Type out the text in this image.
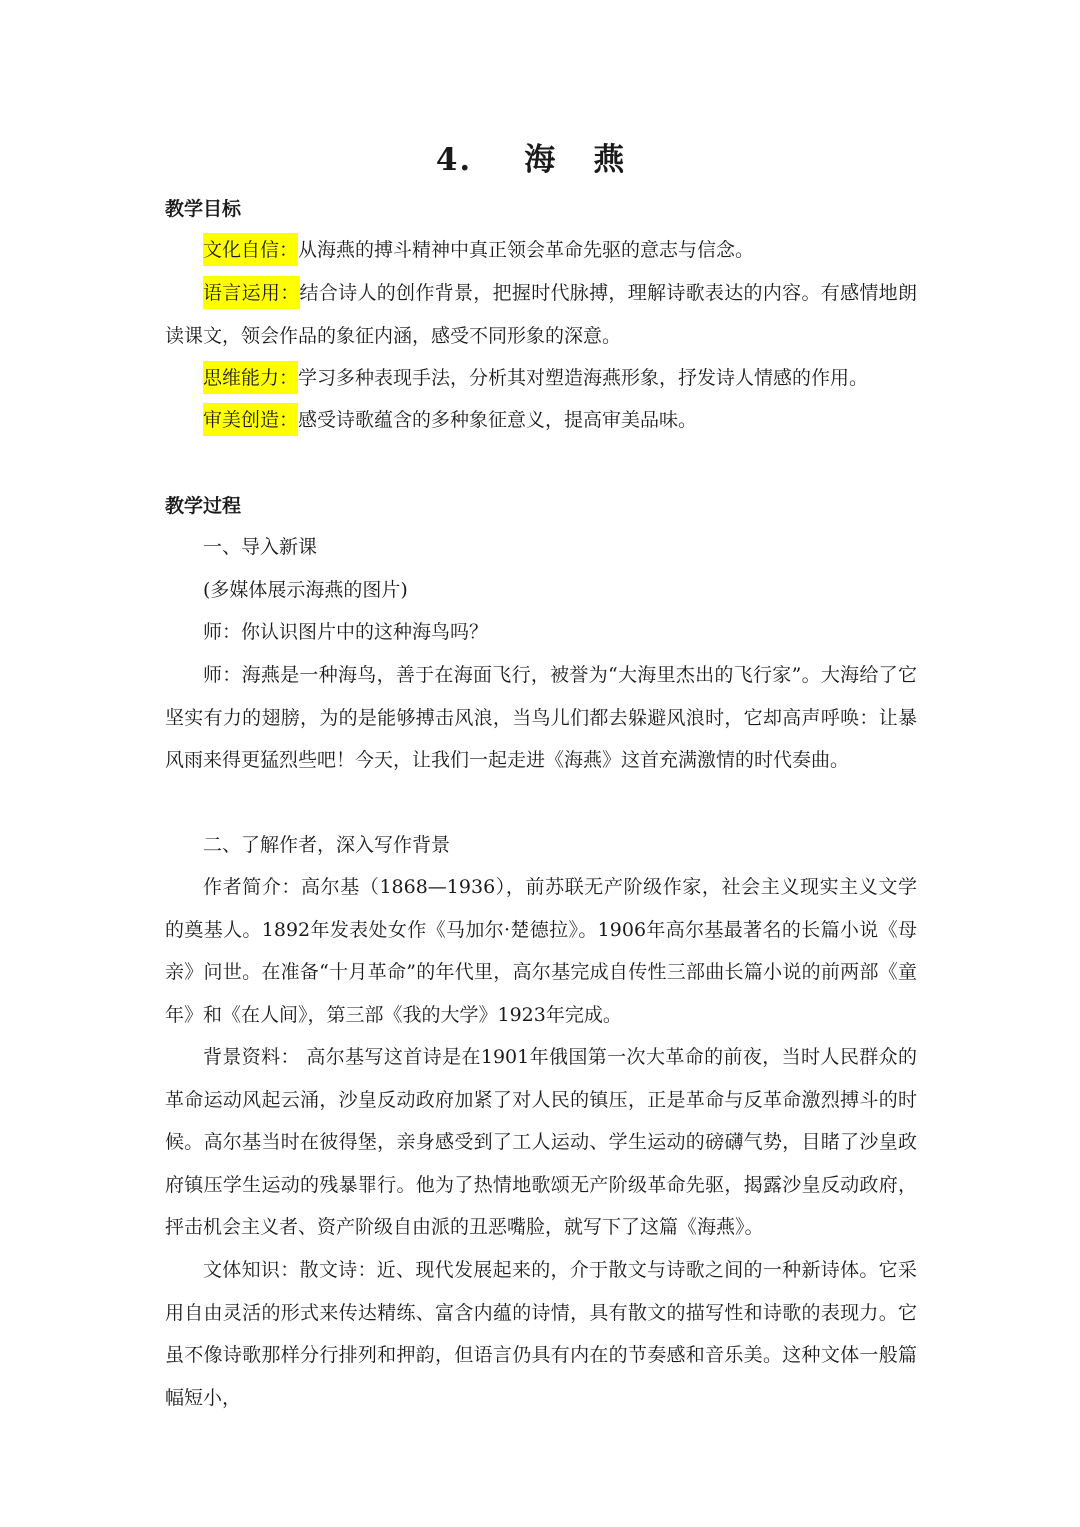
4. 海 燕
教学目标

文化自信：从海燕的搏斗精神中真正领会革命先驱的意志与信念。

语言运用：结合诗人的创作背景，把握时代脉搏，理解诗歌表达的内容。有感情地朗读课文，领会作品的象征内涵，感受不同形象的深意。

思维能力：学习多种表现手法，分析其对塑造海燕形象，抒发诗人情感的作用。

审美创造：感受诗歌蕴含的多种象征意义，提高审美品味。

教学过程

一、导入新课

(多媒体展示海燕的图片)

师：你认识图片中的这种海鸟吗？

师：海燕是一种海鸟，善于在海面飞行，被誉为“大海里杰出的飞行家”。大海给了它坚实有力的翅膀，为的是能够搏击风浪，当鸟儿们都去躲避风浪时，它却高声呼唤：让暴风雨来得更猛烈些吧！今天，让我们一起走进《海燕》这首充满激情的时代奏曲。

二、了解作者，深入写作背景

作者简介：高尔基（1868—1936），前苏联无产阶级作家，社会主义现实主义文学的奠基人。1892年发表处女作《马加尔·楚德拉》。1906年高尔基最著名的长篇小说《母亲》问世。在准备“十月革命”的年代里，高尔基完成自传性三部曲长篇小说的前两部《童年》和《在人间》，第三部《我的大学》1923年完成。

背景资料： 高尔基写这首诗是在1901年俄国第一次大革命的前夜，当时人民群众的革命运动风起云涌，沙皇反动政府加紧了对人民的镇压，正是革命与反革命激烈搏斗的时候。高尔基当时在彼得堡，亲身感受到了工人运动、学生运动的磅礴气势，目睹了沙皇政府镇压学生运动的残暴罪行。他为了热情地歌颂无产阶级革命先驱，揭露沙皇反动政府，抨击机会主义者、资产阶级自由派的丑恶嘴脸，就写下了这篇《海燕》。

文体知识：散文诗：近、现代发展起来的，介于散文与诗歌之间的一种新诗体。它采用自由灵活的形式来传达精练、富含内蕴的诗情，具有散文的描写性和诗歌的表现力。它虽不像诗歌那样分行排列和押韵，但语言仍具有内在的节奏感和音乐美。这种文体一般篇幅短小，
